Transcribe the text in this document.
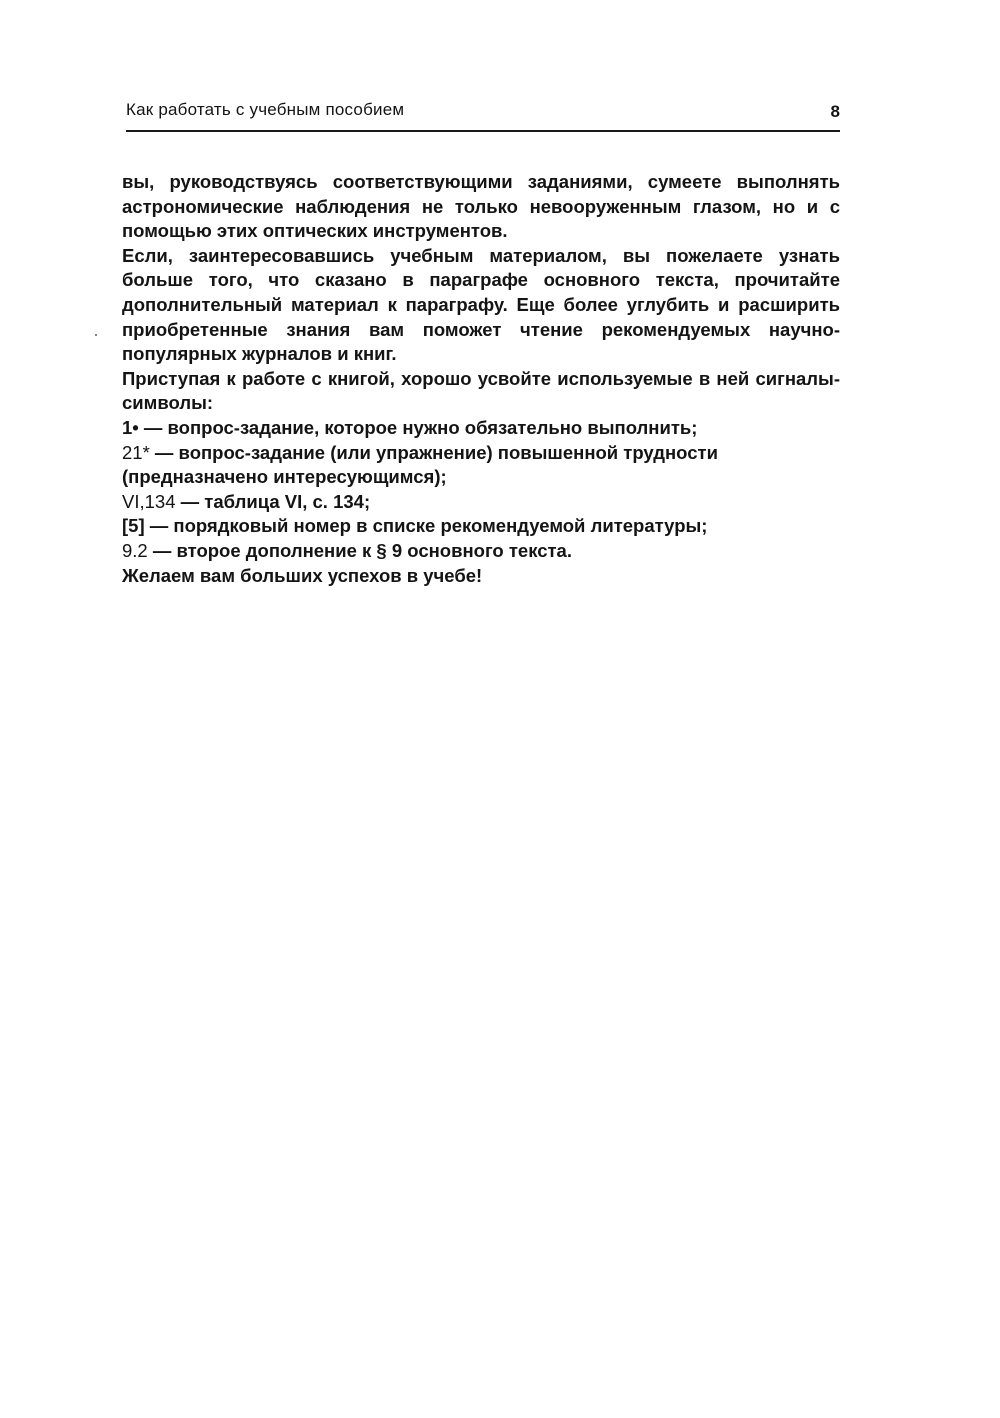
Как работать с учебным пособием	8

вы, руководствуясь соответствующими заданиями, сумеете выполнять астрономические наблюдения не только невооруженным глазом, но и с помощью этих оптических инструментов.

Если, заинтересовавшись учебным материалом, вы пожелаете узнать больше того, что сказано в параграфе основного текста, прочитайте дополнительный материал к параграфу. Еще более углубить и расширить приобретенные знания вам поможет чтение рекомендуемых научно-популярных журналов и книг.

Приступая к работе с книгой, хорошо усвойте используемые в ней сигналы-символы:

1• — вопрос-задание, которое нужно обязательно выполнить;
21* — вопрос-задание (или упражнение) повышенной трудности (предназначено интересующимся);
VI,134 — таблица VI, с. 134;
[5] — порядковый номер в списке рекомендуемой литературы;
9.2 — второе дополнение к § 9 основного текста.

Желаем вам больших успехов в учебе!
